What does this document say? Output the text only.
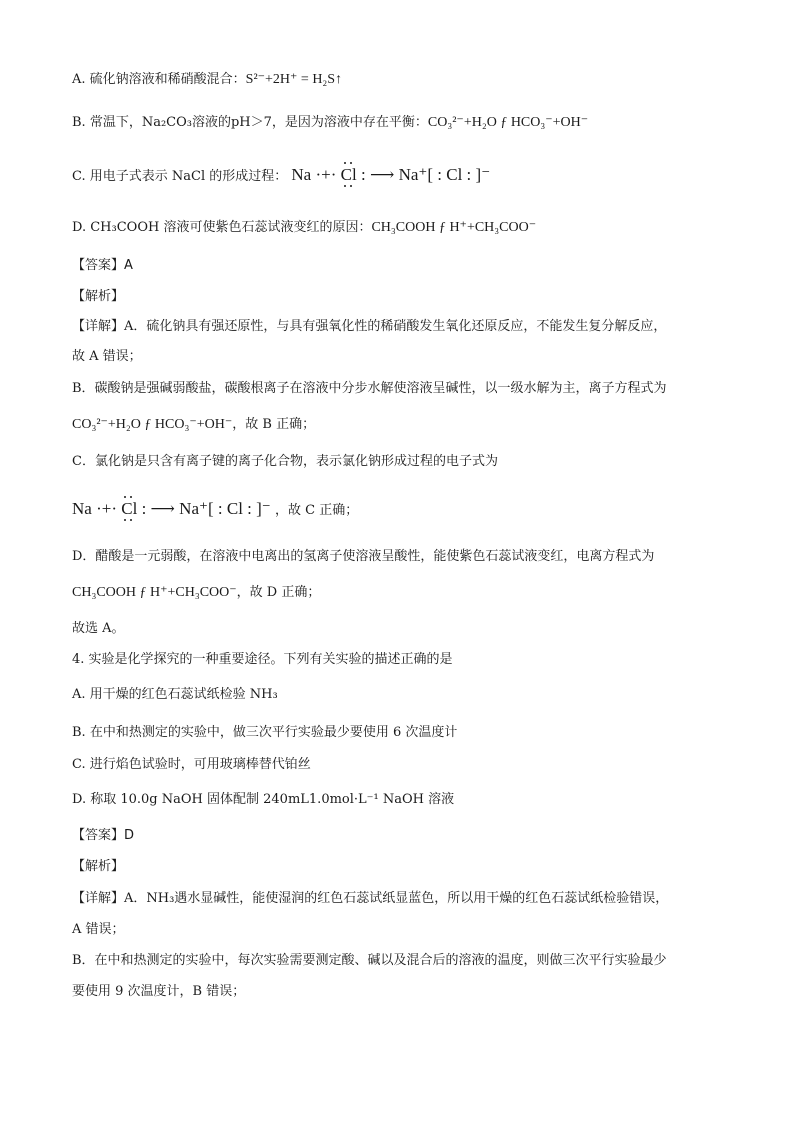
A. 硫化钠溶液和稀硝酸混合：S²⁻+2H⁺ = H₂S↑
B. 常温下，Na₂CO₃溶液的pH＞7，是因为溶液中存在平衡：CO₃²⁻+H₂O ƒ HCO₃⁻+OH⁻
C. 用电子式表示 NaCl 的形成过程： Na ·+· Cl : ⟶ Na⁺[ : Cl : ]⁻
D. CH₃COOH 溶液可使紫色石蕊试液变红的原因：CH₃COOH ƒ H⁺+CH₃COO⁻
【答案】A
【解析】
【详解】A．硫化钠具有强还原性，与具有强氧化性的稀硝酸发生氧化还原反应，不能发生复分解反应，
故 A 错误；
B．碳酸钠是强碱弱酸盐，碳酸根离子在溶液中分步水解使溶液呈碱性，以一级水解为主，离子方程式为
CO₃²⁻+H₂O ƒ HCO₃⁻+OH⁻，故 B 正确；
C．氯化钠是只含有离子键的离子化合物，表示氯化钠形成过程的电子式为
Na ·+· Cl : ⟶ Na⁺[ : Cl : ]⁻ ，故 C 正确；
D．醋酸是一元弱酸，在溶液中电离出的氢离子使溶液呈酸性，能使紫色石蕊试液变红，电离方程式为
CH₃COOH ƒ H⁺+CH₃COO⁻，故 D 正确；
故选 A。
4. 实验是化学探究的一种重要途径。下列有关实验的描述正确的是
A. 用干燥的红色石蕊试纸检验 NH₃
B. 在中和热测定的实验中，做三次平行实验最少要使用 6 次温度计
C. 进行焰色试验时，可用玻璃棒替代铂丝
D. 称取 10.0g NaOH 固体配制 240mL1.0mol·L⁻¹ NaOH 溶液
【答案】D
【解析】
【详解】A．NH₃遇水显碱性，能使湿润的红色石蕊试纸显蓝色，所以用干燥的红色石蕊试纸检验错误，
A 错误；
B．在中和热测定的实验中，每次实验需要测定酸、碱以及混合后的溶液的温度，则做三次平行实验最少
要使用 9 次温度计，B 错误；
